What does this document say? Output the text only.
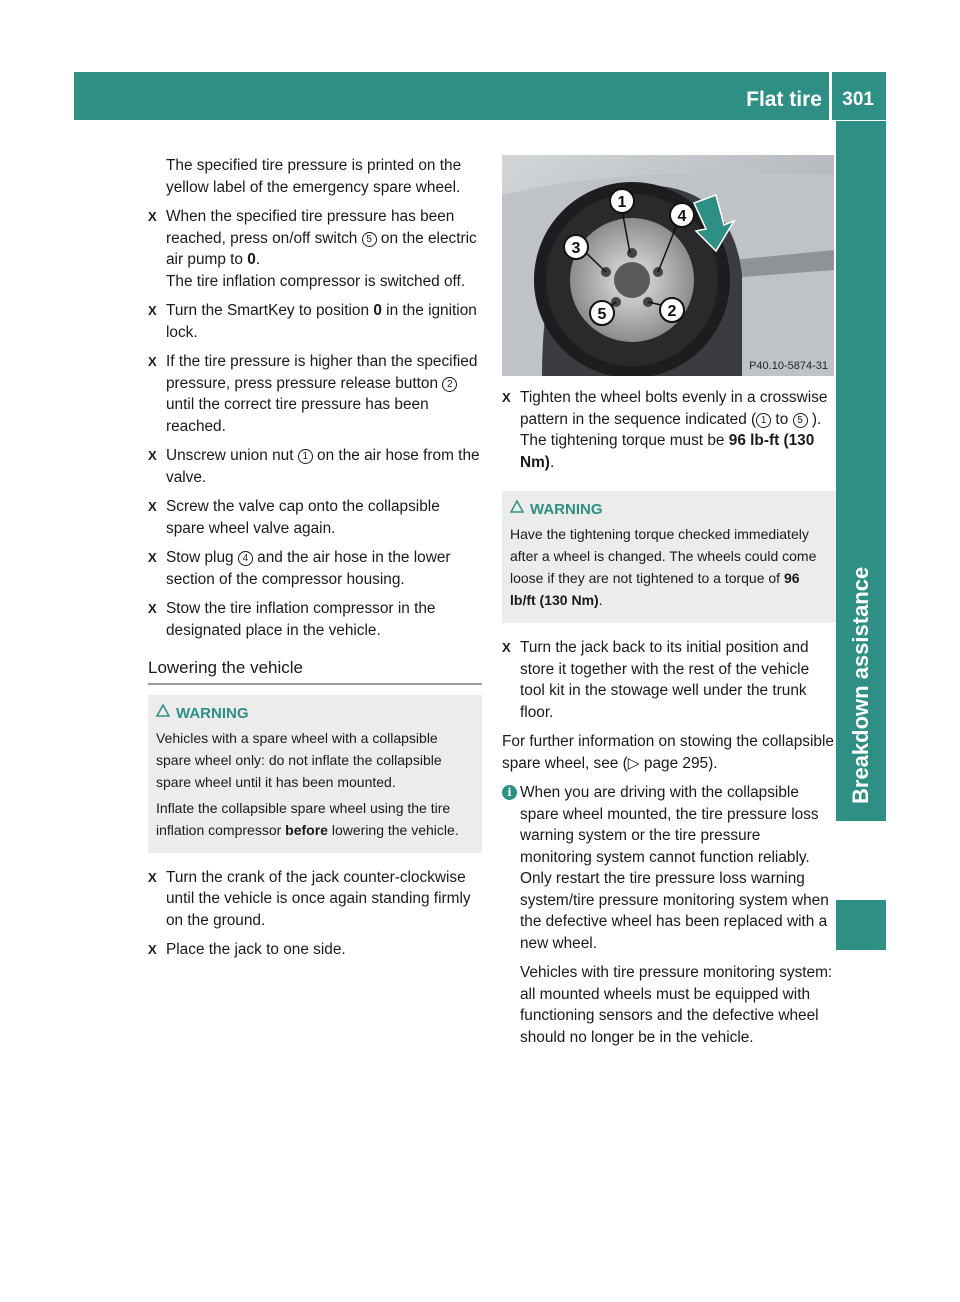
Flat tire 301
Breakdown assistance

The specified tire pressure is printed on the yellow label of the emergency spare wheel.

X When the specified tire pressure has been reached, press on/off switch 5 on the electric air pump to 0.
The tire inflation compressor is switched off.
X Turn the SmartKey to position 0 in the ignition lock.
X If the tire pressure is higher than the specified pressure, press pressure release button 2 until the correct tire pressure has been reached.
X Unscrew union nut 1 on the air hose from the valve.
X Screw the valve cap onto the collapsible spare wheel valve again.
X Stow plug 4 and the air hose in the lower section of the compressor housing.
X Stow the tire inflation compressor in the designated place in the vehicle.
Lowering the vehicle
WARNING

Vehicles with a spare wheel with a collapsible spare wheel only: do not inflate the collapsible spare wheel until it has been mounted.

Inflate the collapsible spare wheel using the tire inflation compressor before lowering the vehicle.

X Turn the crank of the jack counter-clockwise until the vehicle is once again standing firmly on the ground.
X Place the jack to one side.
1
2
3
4
5
P40.10-5874-31
X Tighten the wheel bolts evenly in a crosswise pattern in the sequence indicated ( 1 to 5 ). The tightening torque must be 96 lb-ft (130 Nm).
WARNING

Have the tightening torque checked immediately after a wheel is changed. The wheels could come loose if they are not tightened to a torque of 96 lb/ft (130 Nm).

X Turn the jack back to its initial position and store it together with the rest of the vehicle tool kit in the stowage well under the trunk floor.

For further information on stowing the collapsible spare wheel, see (▷ page 295).

i When you are driving with the collapsible spare wheel mounted, the tire pressure loss warning system or the tire pressure monitoring system cannot function reliably. Only restart the tire pressure loss warning system/tire pressure monitoring system when the defective wheel has been replaced with a new wheel.

Vehicles with tire pressure monitoring system: all mounted wheels must be equipped with functioning sensors and the defective wheel should no longer be in the vehicle.
